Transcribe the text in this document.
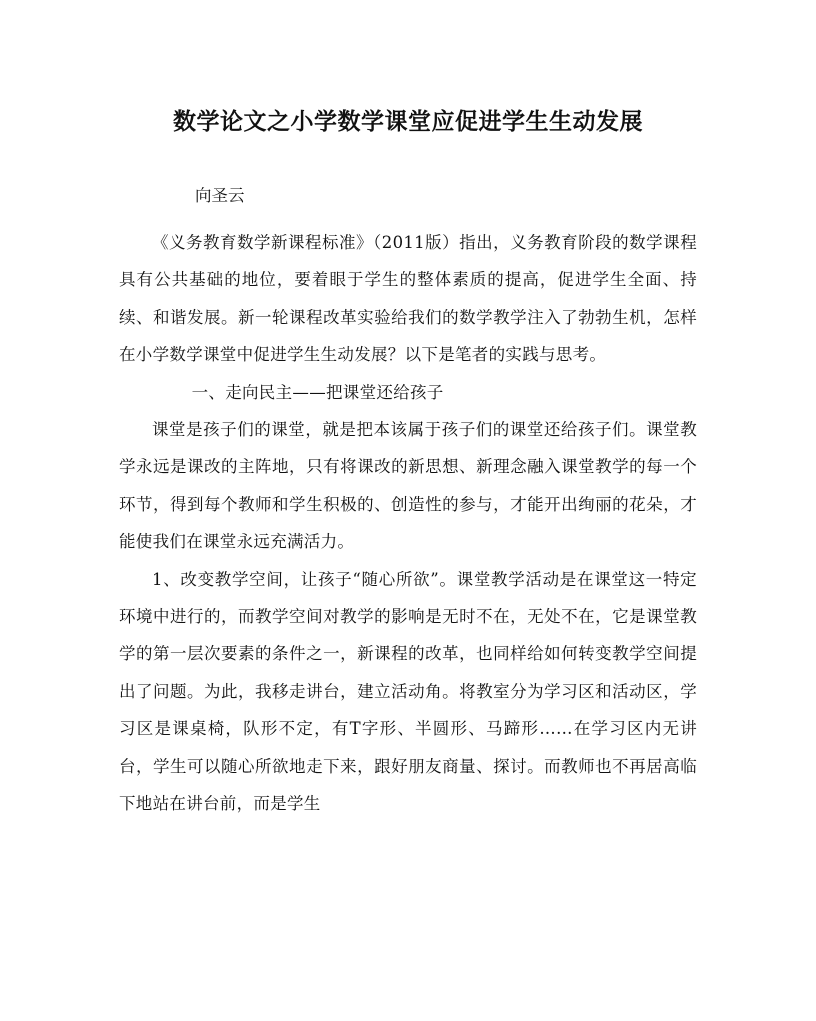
数学论文之小学数学课堂应促进学生生动发展

向圣云

《义务教育数学新课程标准》（2011版）指出，义务教育阶段的数学课程具有公共基础的地位，要着眼于学生的整体素质的提高，促进学生全面、持续、和谐发展。新一轮课程改革实验给我们的数学教学注入了勃勃生机，怎样在小学数学课堂中促进学生生动发展？以下是笔者的实践与思考。

一、走向民主——把课堂还给孩子

课堂是孩子们的课堂，就是把本该属于孩子们的课堂还给孩子们。课堂教学永远是课改的主阵地，只有将课改的新思想、新理念融入课堂教学的每一个环节，得到每个教师和学生积极的、创造性的参与，才能开出绚丽的花朵，才能使我们在课堂永远充满活力。

1、改变教学空间，让孩子“随心所欲”。课堂教学活动是在课堂这一特定环境中进行的，而教学空间对教学的影响是无时不在，无处不在，它是课堂教学的第一层次要素的条件之一，新课程的改革，也同样给如何转变教学空间提出了问题。为此，我移走讲台，建立活动角。将教室分为学习区和活动区，学习区是课桌椅，队形不定，有T字形、半圆形、马蹄形……在学习区内无讲台，学生可以随心所欲地走下来，跟好朋友商量、探讨。而教师也不再居高临下地站在讲台前，而是学生
